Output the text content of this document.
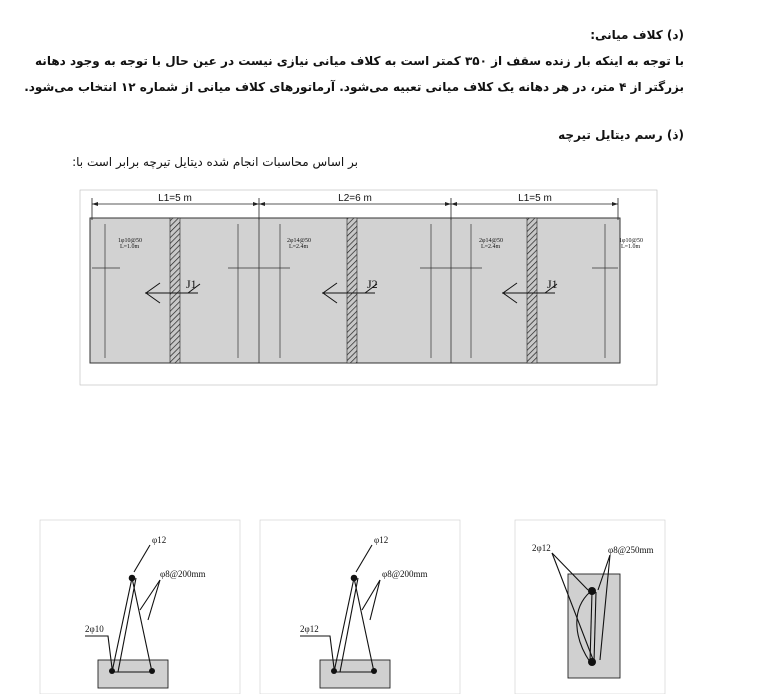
(د) کلاف میانی:
با توجه به اینکه بار زنده سقف از ۳۵۰ کمتر است به کلاف میانی نیازی نیست در عین حال با توجه به وجود دهانه
بزرگتر از ۴ متر، در هر دهانه یک کلاف میانی تعبیه می‌شود. آرماتورهای کلاف میانی از شماره ۱۲ انتخاب می‌شود.
(ذ) رسم دیتایل تیرچه
بر اساس محاسبات انجام شده دیتایل تیرچه برابر است با:
L1=5 m	L2=6 m	L1=5 m
1φ10@50
L=1.0m
2φ14@50
L=2.4m
2φ14@50
L=2.4m
1φ10@50
L=1.0m
J1	J2	J1
φ12
φ8@200mm
2φ10
φ12
φ8@200mm
2φ12
2φ12	φ8@250mm
